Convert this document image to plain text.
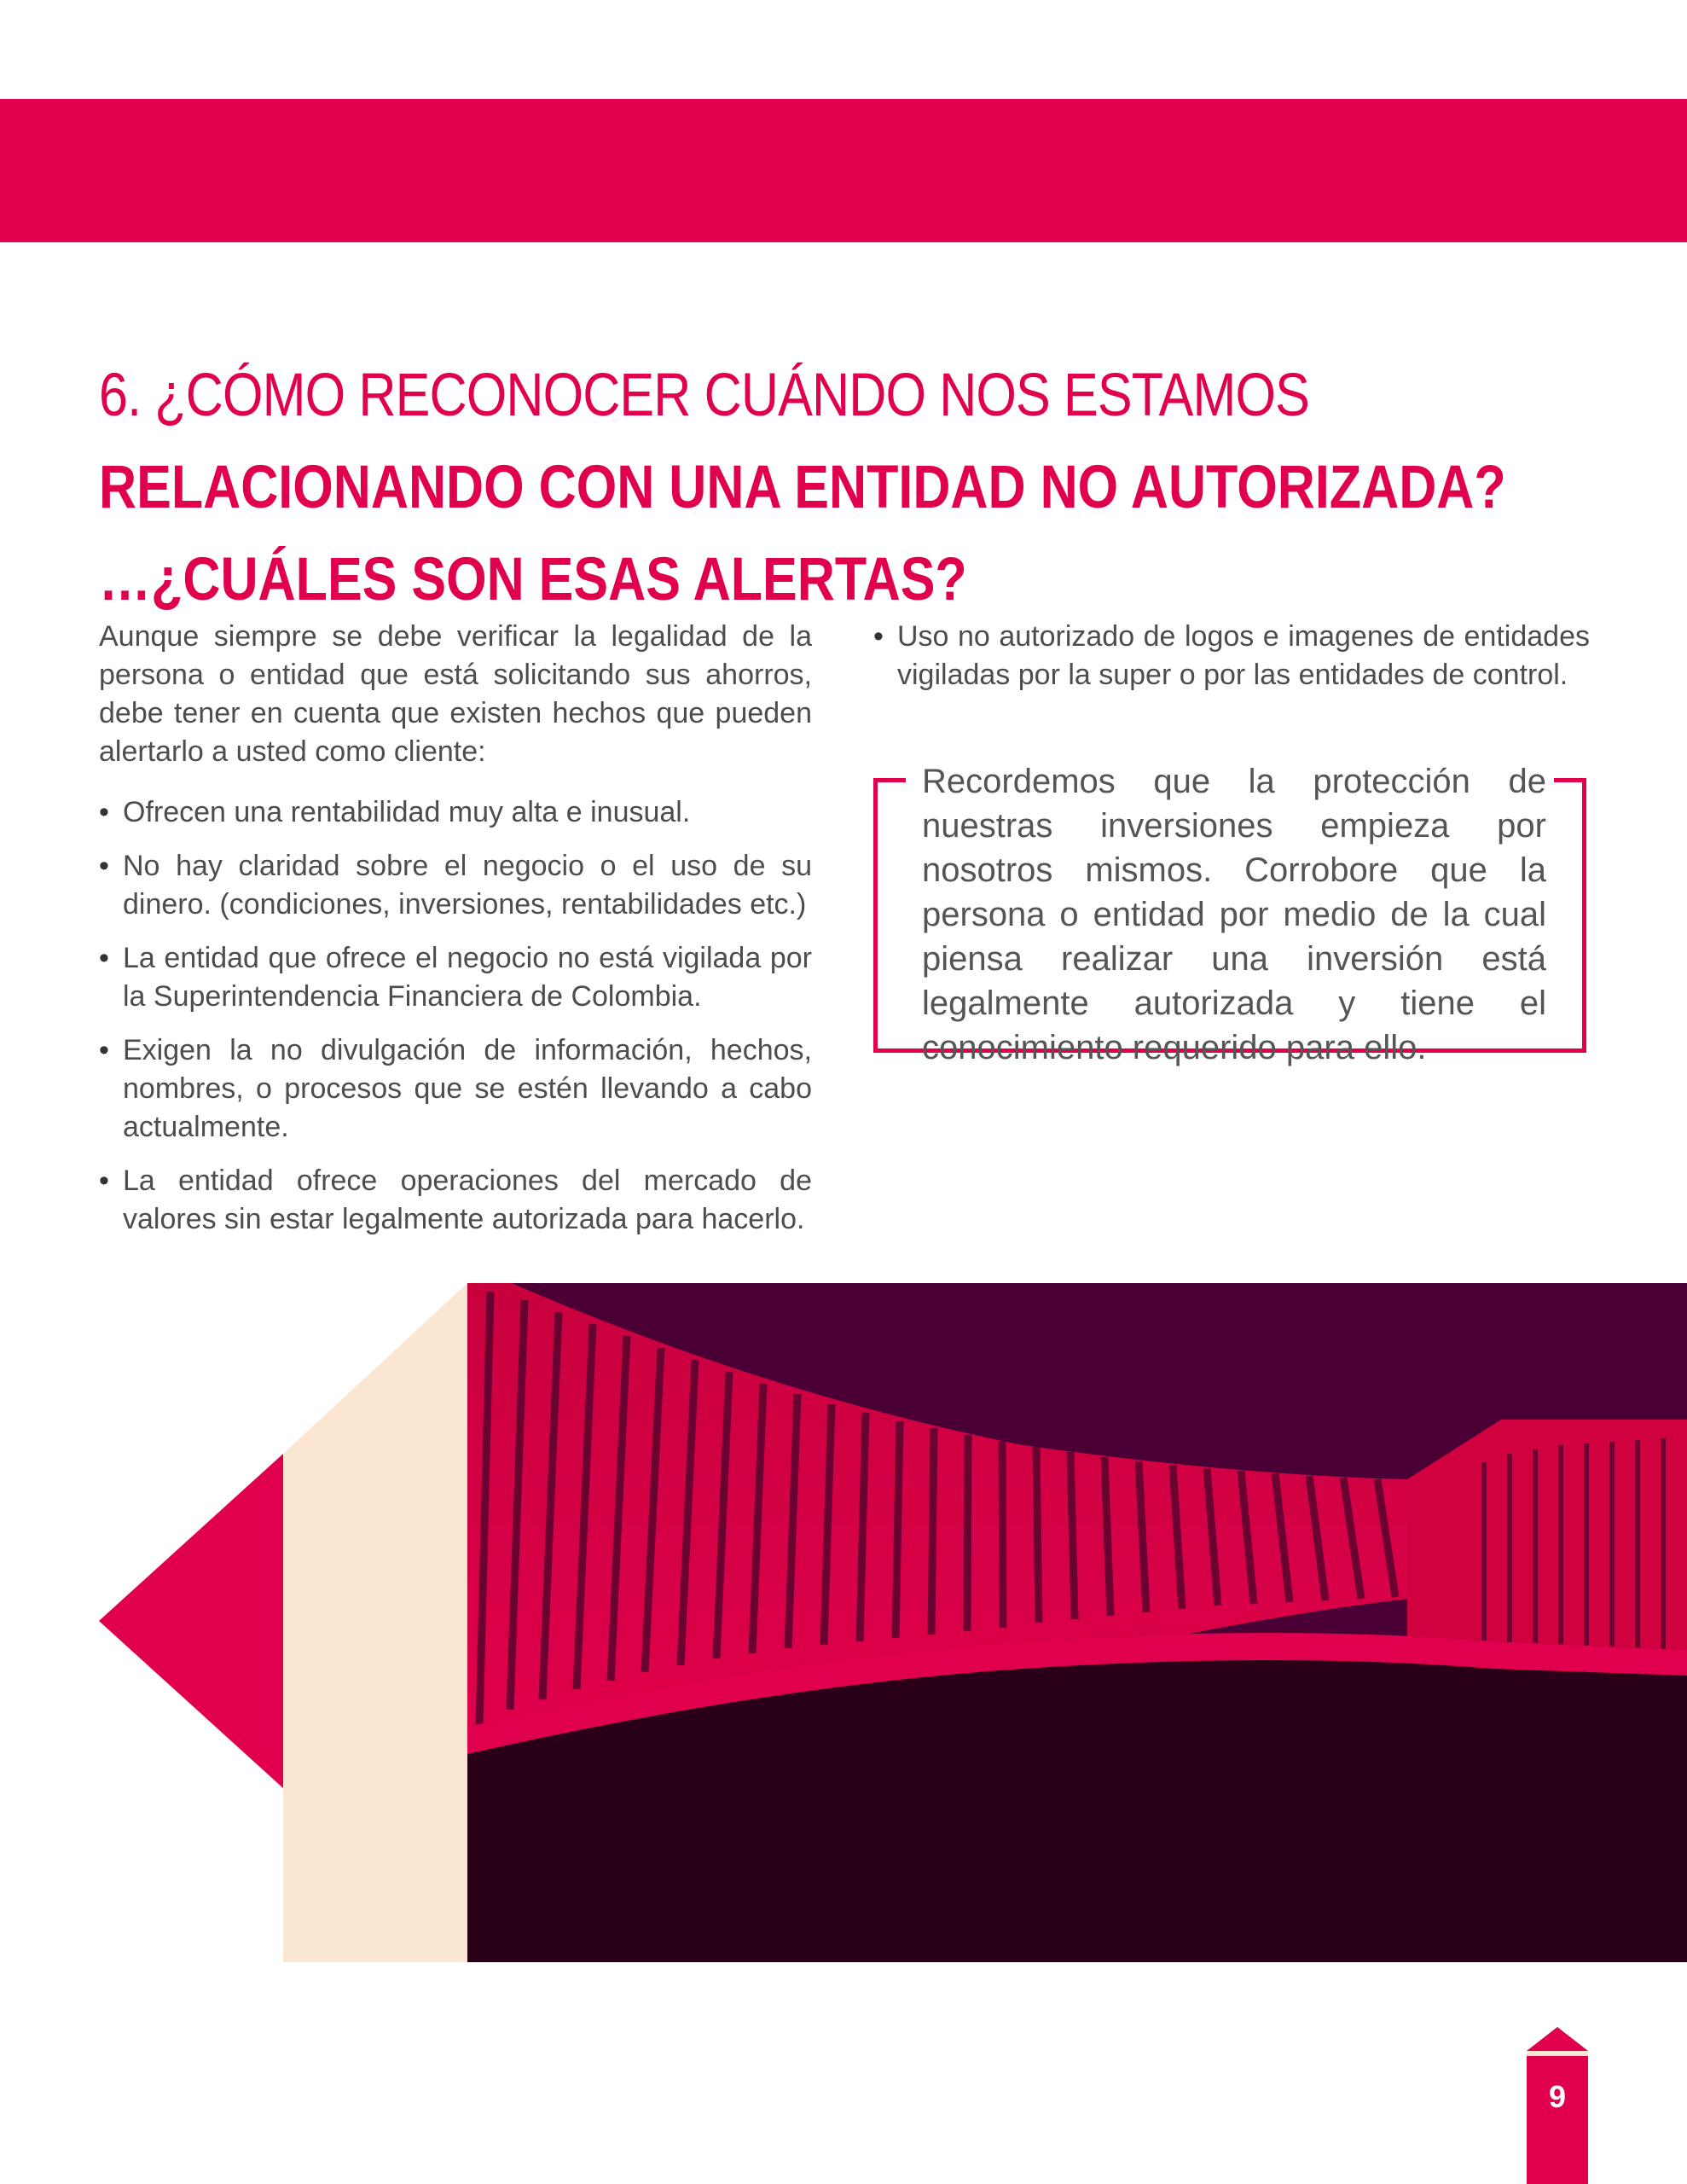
6. ¿CÓMO RECONOCER CUÁNDO NOS ESTAMOS
RELACIONANDO CON UNA ENTIDAD NO AUTORIZADA?
…¿CUÁLES SON ESAS ALERTAS?

Aunque siempre se debe verificar la legalidad de la persona o entidad que está solicitando sus ahorros, debe tener en cuenta que existen hechos que pueden alertarlo a usted como cliente:

• Ofrecen una rentabilidad muy alta e inusual.
• No hay claridad sobre el negocio o el uso de su dinero. (condiciones, inversiones, rentabilidades etc.)
• La entidad que ofrece el negocio no está vigilada por la Superintendencia Financiera de Colombia.
• Exigen la no divulgación de información, hechos, nombres, o procesos que se estén llevando a cabo actualmente.
• La entidad ofrece operaciones del mercado de valores sin estar legalmente autorizada para hacerlo.
• Uso no autorizado de logos e imagenes de entidades vigiladas por la super o por las entidades de control.
Recordemos que la protección de nuestras inversiones empieza por nosotros mismos. Corrobore que la persona o entidad por medio de la cual piensa realizar una inversión está legalmente autorizada y tiene el conocimiento requerido para ello.
9
